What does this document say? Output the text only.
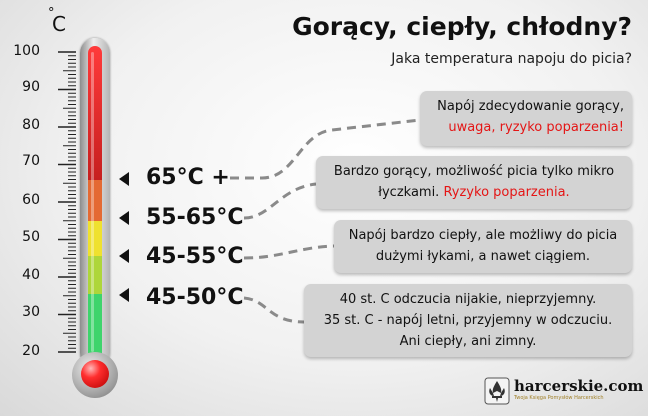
°
C
100
90
80
70
60
50
40
30
20
65°C +
55-65°C
45-55°C
45-50°C
Napój zdecydowanie gorący,
uwaga, ryzyko poparzenia!
Bardzo gorący, możliwość picia tylko mikro
łyczkami. Ryzyko poparzenia.
Napój bardzo ciepły, ale możliwy do picia
dużymi łykami, a nawet ciągiem.
40 st. C odczucia nijakie, nieprzyjemny.
35 st. C - napój letni, przyjemny w odczuciu.
Ani ciepły, ani zimny.
Gorący, ciepły, chłodny?
Jaka temperatura napoju do picia?
harcerskie.com
Twoja Księga Pomysłów Harcerskich
